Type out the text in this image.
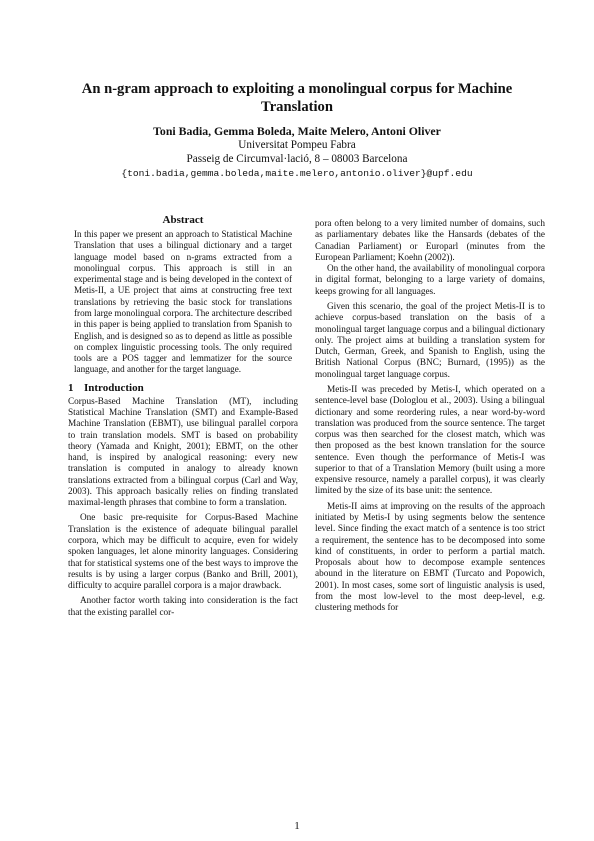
An n-gram approach to exploiting a monolingual corpus for Machine Translation
Toni Badia, Gemma Boleda, Maite Melero, Antoni Oliver
Universitat Pompeu Fabra
Passeig de Circumval·lació, 8 – 08003 Barcelona
{toni.badia,gemma.boleda,maite.melero,antonio.oliver}@upf.edu
Abstract

In this paper we present an approach to Statistical Machine Translation that uses a bilingual dictionary and a target language model based on n-grams extracted from a monolingual corpus. This approach is still in an experimental stage and is being developed in the context of Metis-II, a UE project that aims at constructing free text translations by retrieving the basic stock for translations from large monolingual corpora. The architecture described in this paper is being applied to translation from Spanish to English, and is designed so as to depend as little as possible on complex linguistic processing tools. The only required tools are a POS tagger and lemmatizer for the source language, and another for the target language.

1 Introduction

Corpus-Based Machine Translation (MT), including Statistical Machine Translation (SMT) and Example-Based Machine Translation (EBMT), use bilingual parallel corpora to train translation models. SMT is based on probability theory (Yamada and Knight, 2001); EBMT, on the other hand, is inspired by analogical reasoning: every new translation is computed in analogy to already known translations extracted from a bilingual corpus (Carl and Way, 2003). This approach basically relies on finding translated maximal-length phrases that combine to form a translation.

One basic pre-requisite for Corpus-Based Machine Translation is the existence of adequate bilingual parallel corpora, which may be difficult to acquire, even for widely spoken languages, let alone minority languages. Considering that for statistical systems one of the best ways to improve the results is by using a larger corpus (Banko and Brill, 2001), difficulty to acquire parallel corpora is a major drawback.

Another factor worth taking into consideration is the fact that the existing parallel cor-

pora often belong to a very limited number of domains, such as parliamentary debates like the Hansards (debates of the Canadian Parliament) or Europarl (minutes from the European Parliament; Koehn (2002)).

On the other hand, the availability of monolingual corpora in digital format, belonging to a large variety of domains, keeps growing for all languages.

Given this scenario, the goal of the project Metis-II is to achieve corpus-based translation on the basis of a monolingual target language corpus and a bilingual dictionary only. The project aims at building a translation system for Dutch, German, Greek, and Spanish to English, using the British National Corpus (BNC; Burnard, (1995)) as the monolingual target language corpus.

Metis-II was preceded by Metis-I, which operated on a sentence-level base (Dologlou et al., 2003). Using a bilingual dictionary and some reordering rules, a near word-by-word translation was produced from the source sentence. The target corpus was then searched for the closest match, which was then proposed as the best known translation for the source sentence. Even though the performance of Metis-I was superior to that of a Translation Memory (built using a more expensive resource, namely a parallel corpus), it was clearly limited by the size of its base unit: the sentence.

Metis-II aims at improving on the results of the approach initiated by Metis-I by using segments below the sentence level. Since finding the exact match of a sentence is too strict a requirement, the sentence has to be decomposed into some kind of constituents, in order to perform a partial match. Proposals about how to decompose example sentences abound in the literature on EBMT (Turcato and Popowich, 2001). In most cases, some sort of linguistic analysis is used, from the most low-level to the most deep-level, e.g. clustering methods for

1
